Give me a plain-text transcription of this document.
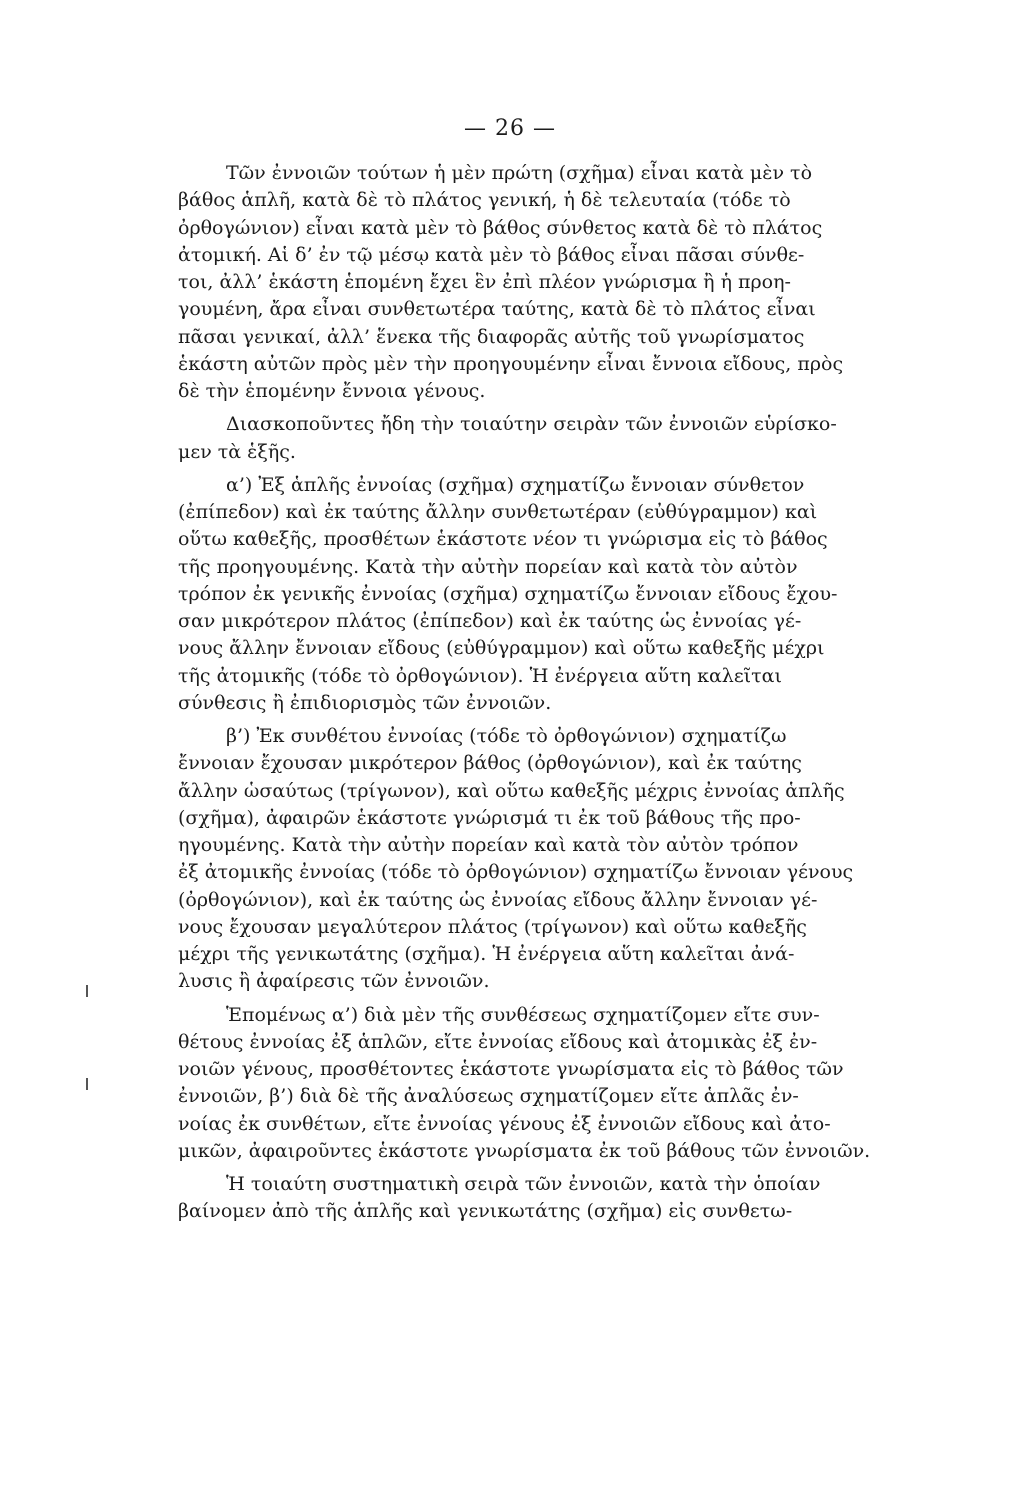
— 26 —
Τῶν ἐννοιῶν τούτων ἡ μὲν πρώτη (σχῆμα) εἶναι κατὰ μὲν τὸ
βάθος ἁπλῆ, κατὰ δὲ τὸ πλάτος γενική, ἡ δὲ τελευταία (τόδε τὸ
ὀρθογώνιον) εἶναι κατὰ μὲν τὸ βάθος σύνθετος κατὰ δὲ τὸ πλάτος
ἀτομική. Αἱ δ’ ἐν τῷ μέσῳ κατὰ μὲν τὸ βάθος εἶναι πᾶσαι σύνθε-
τοι, ἀλλ’ ἑκάστη ἑπομένη ἔχει ἓν ἐπὶ πλέον γνώρισμα ἢ ἡ προη-
γουμένη, ἄρα εἶναι συνθετωτέρα ταύτης, κατὰ δὲ τὸ πλάτος εἶναι
πᾶσαι γενικαί, ἀλλ’ ἕνεκα τῆς διαφορᾶς αὐτῆς τοῦ γνωρίσματος
ἑκάστη αὐτῶν πρὸς μὲν τὴν προηγουμένην εἶναι ἔννοια εἴδους, πρὸς
δὲ τὴν ἑπομένην ἔννοια γένους.
Διασκοποῦντες ἤδη τὴν τοιαύτην σειρὰν τῶν ἐννοιῶν εὑρίσκο-
μεν τὰ ἑξῆς.
α’) Ἐξ ἁπλῆς ἐννοίας (σχῆμα) σχηματίζω ἔννοιαν σύνθετον
(ἐπίπεδον) καὶ ἐκ ταύτης ἄλλην συνθετωτέραν (εὐθύγραμμον) καὶ
οὕτω καθεξῆς, προσθέτων ἑκάστοτε νέον τι γνώρισμα εἰς τὸ βάθος
τῆς προηγουμένης. Κατὰ τὴν αὐτὴν πορείαν καὶ κατὰ τὸν αὐτὸν
τρόπον ἐκ γενικῆς ἐννοίας (σχῆμα) σχηματίζω ἔννοιαν εἴδους ἔχου-
σαν μικρότερον πλάτος (ἐπίπεδον) καὶ ἐκ ταύτης ὡς ἐννοίας γέ-
νους ἄλλην ἔννοιαν εἴδους (εὐθύγραμμον) καὶ οὕτω καθεξῆς μέχρι
τῆς ἀτομικῆς (τόδε τὸ ὀρθογώνιον). Ἡ ἐνέργεια αὕτη καλεῖται
σύνθεσις ἢ ἐπιδιορισμὸς τῶν ἐννοιῶν.
β’) Ἐκ συνθέτου ἐννοίας (τόδε τὸ ὀρθογώνιον) σχηματίζω
ἔννοιαν ἔχουσαν μικρότερον βάθος (ὀρθογώνιον), καὶ ἐκ ταύτης
ἄλλην ὡσαύτως (τρίγωνον), καὶ οὕτω καθεξῆς μέχρις ἐννοίας ἁπλῆς
(σχῆμα), ἀφαιρῶν ἑκάστοτε γνώρισμά τι ἐκ τοῦ βάθους τῆς προ-
ηγουμένης. Κατὰ τὴν αὐτὴν πορείαν καὶ κατὰ τὸν αὐτὸν τρόπον
ἐξ ἀτομικῆς ἐννοίας (τόδε τὸ ὀρθογώνιον) σχηματίζω ἔννοιαν γένους
(ὀρθογώνιον), καὶ ἐκ ταύτης ὡς ἐννοίας εἴδους ἄλλην ἔννοιαν γέ-
νους ἔχουσαν μεγαλύτερον πλάτος (τρίγωνον) καὶ οὕτω καθεξῆς
μέχρι τῆς γενικωτάτης (σχῆμα). Ἡ ἐνέργεια αὕτη καλεῖται ἀνά-
λυσις ἢ ἀφαίρεσις τῶν ἐννοιῶν.
Ἑπομένως α’) διὰ μὲν τῆς συνθέσεως σχηματίζομεν εἴτε συν-
θέτους ἐννοίας ἐξ ἁπλῶν, εἴτε ἐννοίας εἴδους καὶ ἀτομικὰς ἐξ ἐν-
νοιῶν γένους, προσθέτοντες ἑκάστοτε γνωρίσματα εἰς τὸ βάθος τῶν
ἐννοιῶν, β’) διὰ δὲ τῆς ἀναλύσεως σχηματίζομεν εἴτε ἁπλᾶς ἐν-
νοίας ἐκ συνθέτων, εἴτε ἐννοίας γένους ἐξ ἐννοιῶν εἴδους καὶ ἀτο-
μικῶν, ἀφαιροῦντες ἑκάστοτε γνωρίσματα ἐκ τοῦ βάθους τῶν ἐννοιῶν.
Ἡ τοιαύτη συστηματικὴ σειρὰ τῶν ἐννοιῶν, κατὰ τὴν ὁποίαν
βαίνομεν ἀπὸ τῆς ἁπλῆς καὶ γενικωτάτης (σχῆμα) εἰς συνθετω-
